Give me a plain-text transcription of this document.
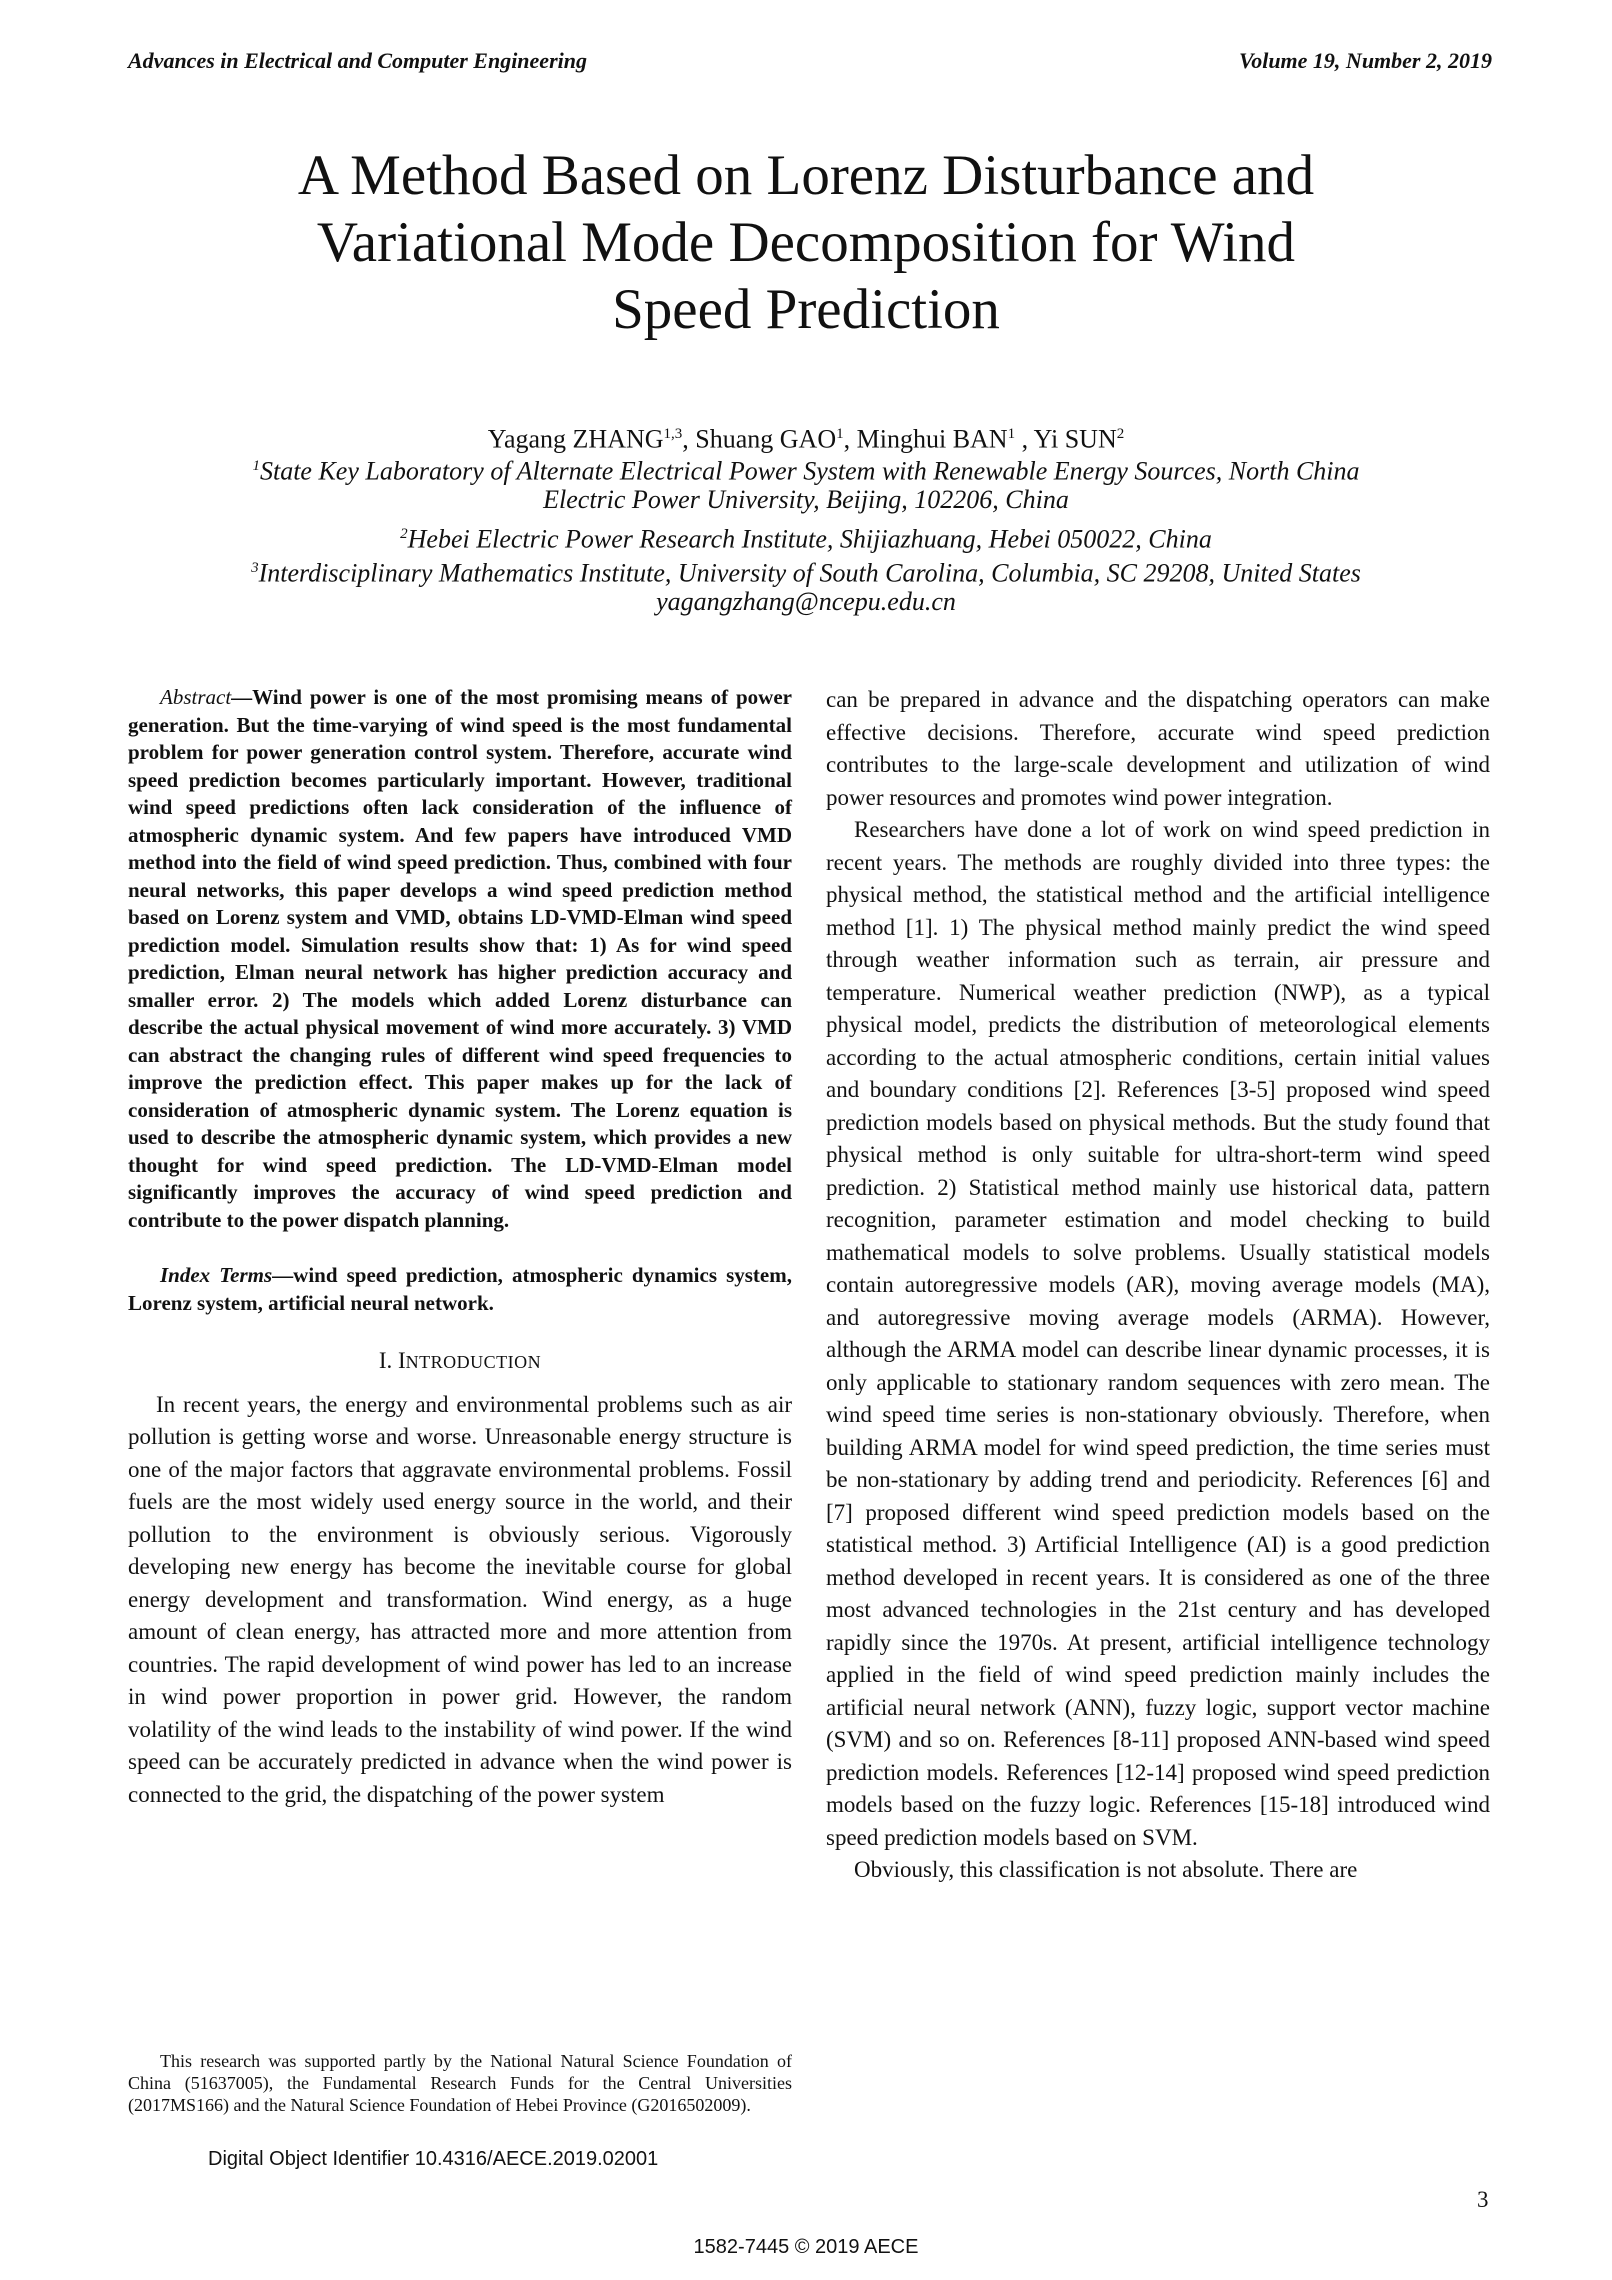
Advances in Electrical and Computer Engineering	Volume 19, Number 2, 2019
A Method Based on Lorenz Disturbance and
Variational Mode Decomposition for Wind
Speed Prediction
Yagang ZHANG$^{1,3}$, Shuang GAO$^1$, Minghui BAN$^1$ , Yi SUN$^2$
$^1$State Key Laboratory of Alternate Electrical Power System with Renewable Energy Sources, North China
Electric Power University, Beijing, 102206, China
$^2$Hebei Electric Power Research Institute, Shijiazhuang, Hebei 050022, China
$^3$Interdisciplinary Mathematics Institute, University of South Carolina, Columbia, SC 29208, United States
yagangzhang@ncepu.edu.cn

Abstract—Wind power is one of the most promising means of power generation. But the time-varying of wind speed is the most fundamental problem for power generation control system. Therefore, accurate wind speed prediction becomes particularly important. However, traditional wind speed predictions often lack consideration of the influence of atmospheric dynamic system. And few papers have introduced VMD method into the field of wind speed prediction. Thus, combined with four neural networks, this paper develops a wind speed prediction method based on Lorenz system and VMD, obtains LD-VMD-Elman wind speed prediction model. Simulation results show that: 1) As for wind speed prediction, Elman neural network has higher prediction accuracy and smaller error. 2) The models which added Lorenz disturbance can describe the actual physical movement of wind more accurately. 3) VMD can abstract the changing rules of different wind speed frequencies to improve the prediction effect. This paper makes up for the lack of consideration of atmospheric dynamic system. The Lorenz equation is used to describe the atmospheric dynamic system, which provides a new thought for wind speed prediction. The LD-VMD-Elman model significantly improves the accuracy of wind speed prediction and contribute to the power dispatch planning.

Index Terms—wind speed prediction, atmospheric dynamics system, Lorenz system, artificial neural network.

I. INTRODUCTION

In recent years, the energy and environmental problems such as air pollution is getting worse and worse. Unreasonable energy structure is one of the major factors that aggravate environmental problems. Fossil fuels are the most widely used energy source in the world, and their pollution to the environment is obviously serious. Vigorously developing new energy has become the inevitable course for global energy development and transformation. Wind energy, as a huge amount of clean energy, has attracted more and more attention from countries. The rapid development of wind power has led to an increase in wind power proportion in power grid. However, the random volatility of the wind leads to the instability of wind power. If the wind speed can be accurately predicted in advance when the wind power is connected to the grid, the dispatching of the power system

can be prepared in advance and the dispatching operators can make effective decisions. Therefore, accurate wind speed prediction contributes to the large-scale development and utilization of wind power resources and promotes wind power integration.

Researchers have done a lot of work on wind speed prediction in recent years. The methods are roughly divided into three types: the physical method, the statistical method and the artificial intelligence method [1]. 1) The physical method mainly predict the wind speed through weather information such as terrain, air pressure and temperature. Numerical weather prediction (NWP), as a typical physical model, predicts the distribution of meteorological elements according to the actual atmospheric conditions, certain initial values and boundary conditions [2]. References [3-5] proposed wind speed prediction models based on physical methods. But the study found that physical method is only suitable for ultra-short-term wind speed prediction. 2) Statistical method mainly use historical data, pattern recognition, parameter estimation and model checking to build mathematical models to solve problems. Usually statistical models contain autoregressive models (AR), moving average models (MA), and autoregressive moving average models (ARMA). However, although the ARMA model can describe linear dynamic processes, it is only applicable to stationary random sequences with zero mean. The wind speed time series is non-stationary obviously. Therefore, when building ARMA model for wind speed prediction, the time series must be non-stationary by adding trend and periodicity. References [6] and [7] proposed different wind speed prediction models based on the statistical method. 3) Artificial Intelligence (AI) is a good prediction method developed in recent years. It is considered as one of the three most advanced technologies in the 21st century and has developed rapidly since the 1970s. At present, artificial intelligence technology applied in the field of wind speed prediction mainly includes the artificial neural network (ANN), fuzzy logic, support vector machine (SVM) and so on. References [8-11] proposed ANN-based wind speed prediction models. References [12-14] proposed wind speed prediction models based on the fuzzy logic. References [15-18] introduced wind speed prediction models based on SVM.

Obviously, this classification is not absolute. There are

This research was supported partly by the National Natural Science Foundation of China (51637005), the Fundamental Research Funds for the Central Universities (2017MS166) and the Natural Science Foundation of Hebei Province (G2016502009).

Digital Object Identifier 10.4316/AECE.2019.02001
3
1582-7445 © 2019 AECE
